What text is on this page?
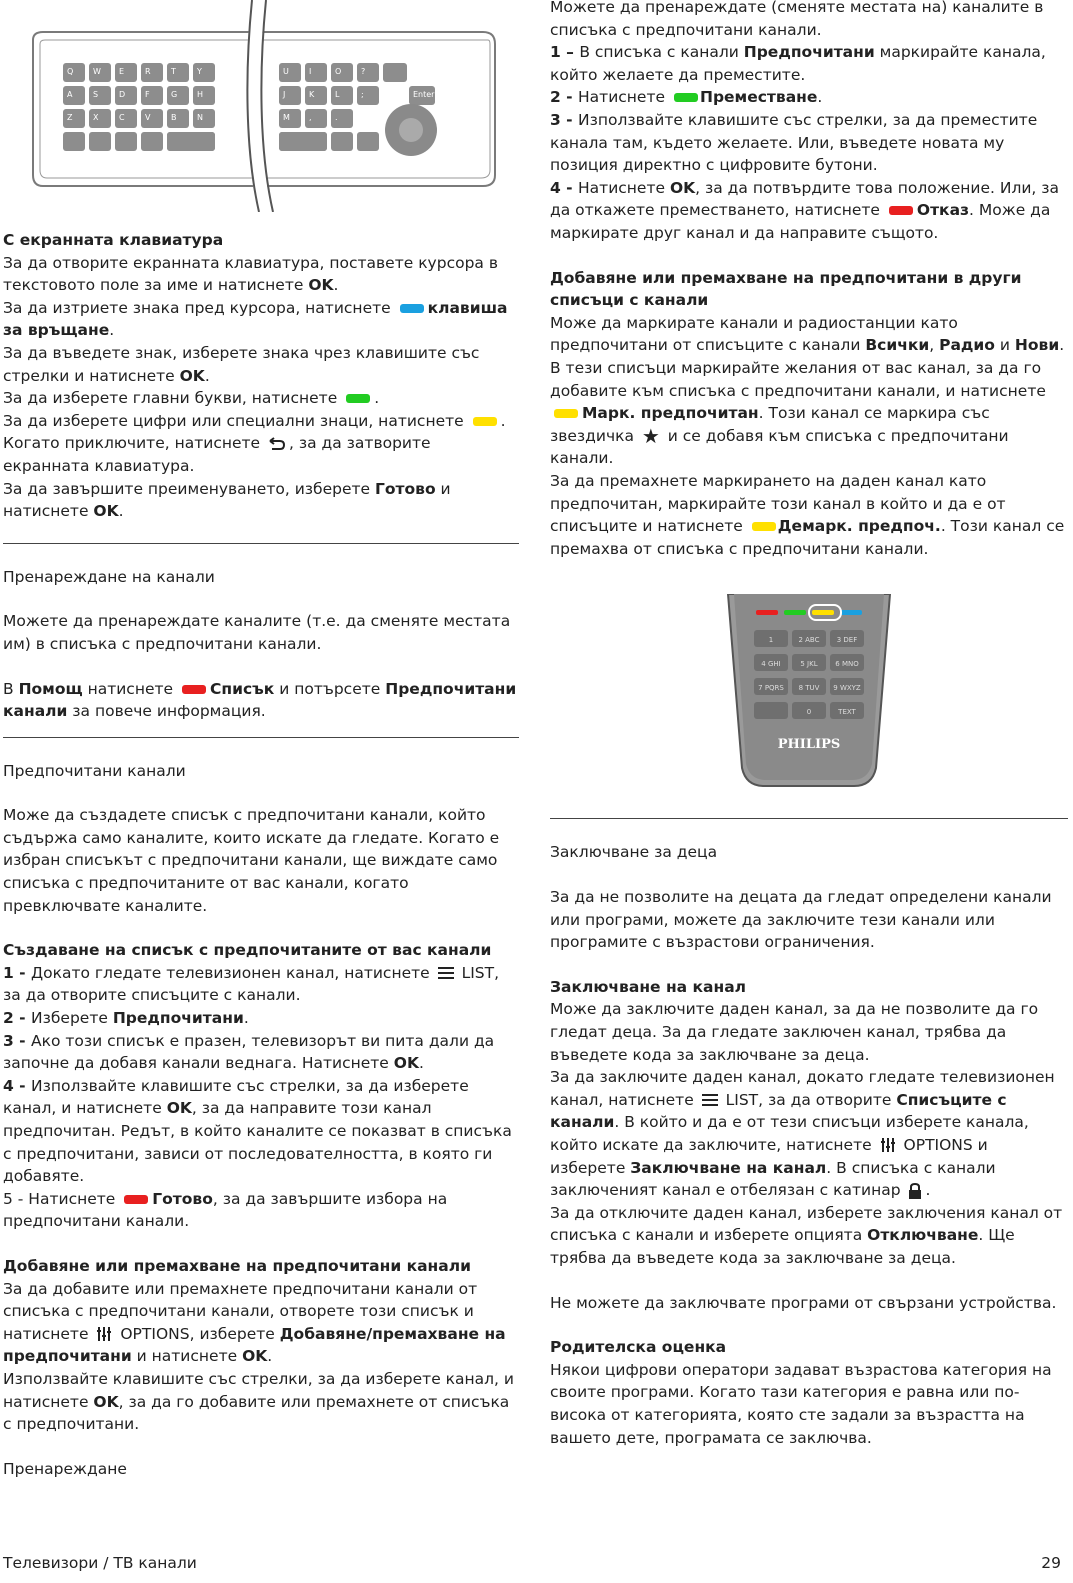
Q W E	R	T	Y	U	I	O ?
A	S	D F	G H	J	K	L	;
Z	X	C	V	B	N	M ,	.
Enter

С екранната клавиатура

За да отворите екранната клавиатура, поставете курсора в текстовото поле за име и натиснете OK.

За да изтриете знака пред курсора, натиснете клавиша за връщане.

За да въведете знак, изберете знака чрез клавишите със стрелки и натиснете OK.

За да изберете главни букви, натиснете .

За да изберете цифри или специални знаци, натиснете .

Когато приключите, натиснете , за да затворите екранната клавиатура.

За да завършите преименуването, изберете Готово и натиснете OK.

Пренареждане на канали

Можете да пренареждате каналите (т.е. да сменяте местата им) в списъка с предпочитани канали.

В Помощ натиснете Списък и потърсете Предпочитани канали за повече информация.

Предпочитани канали

Може да създадете списък с предпочитани канали, който съдържа само каналите, които искате да гледате. Когато е избран списъкът с предпочитани канали, ще виждате само списъка с предпочитаните от вас канали, когато превключвате каналите.

Създаване на списък с предпочитаните от вас канали

1 - Докато гледате телевизионен канал, натиснете  LIST, за да отворите списъците с канали.

2 - Изберете Предпочитани.

3 - Ако този списък е празен, телевизорът ви пита дали да започне да добавя канали веднага. Натиснете OK.

4 - Използвайте клавишите със стрелки, за да изберете канал, и натиснете OK, за да направите този канал предпочитан. Редът, в който каналите се показват в списъка с предпочитани, зависи от последователността, в която ги добавяте.

5 - Натиснете Готово, за да завършите избора на предпочитани канали.

Добавяне или премахване на предпочитани канали

За да добавите или премахнете предпочитани канали от списъка с предпочитани канали, отворете този списък и натиснете  OPTIONS, изберете Добавяне/премахване на предпочитани и натиснете OK.

Използвайте клавишите със стрелки, за да изберете канал, и натиснете OK, за да го добавите или премахнете от списъка с предпочитани.

Пренареждане

Можете да пренареждате (сменяте местата на) каналите в списъка с предпочитани канали.

1 – В списъка с канали Предпочитани маркирайте канала, който желаете да преместите.

2 - Натиснете Преместване.

3 - Използвайте клавишите със стрелки, за да преместите канала там, където желаете. Или, въведете новата му позиция директно с цифровите бутони.

4 - Натиснете OK, за да потвърдите това положение. Или, за да откажете преместването, натиснете Отказ. Може да маркирате друг канал и да направите същото.

Добавяне или премахване на предпочитани в други списъци с канали

Може да маркирате канали и радиостанции като предпочитани от списъците с канали Всички, Радио и Нови.

В тези списъци маркирайте желания от вас канал, за да го добавите към списъка с предпочитани канали, и натиснете Марк. предпочитан. Този канал се маркира със звездичка ★ и се добавя към списъка с предпочитани канали.

За да премахнете маркирането на даден канал като предпочитан, маркирайте този канал в който и да е от списъците и натиснете Демарк. предпоч.. Този канал се премахва от списъка с предпочитани канали.

1	2 ABC 3 DEF
4 GHI	5 JKL	6 MNO
7 PQRS 8 TUV 9 WXYZ
0	TEXT
PHILIPS

Заключване за деца

За да не позволите на децата да гледат определени канали или програми, можете да заключите тези канали или програмите с възрастови ограничения.

Заключване на канал

Може да заключите даден канал, за да не позволите да го гледат деца. За да гледате заключен канал, трябва да въведете кода за заключване за деца.

За да заключите даден канал, докато гледате телевизионен канал, натиснете  LIST, за да отворите Списъците с канали. В който и да е от тези списъци изберете канала, който искате да заключите, натиснете  OPTIONS и изберете Заключване на канал. В списъка с канали заключеният канал е отбелязан с катинар .

За да отключите даден канал, изберете заключения канал от списъка с канали и изберете опцията Отключване. Ще трябва да въведете кода за заключване за деца.

Не можете да заключвате програми от свързани устройства.

Родителска оценка

Някои цифрови оператори задават възрастова категория на своите програми. Когато тази категория е равна или по-висока от категорията, която сте задали за възрастта на вашето дете, програмата се заключва.

Телевизори / ТВ канали	29
